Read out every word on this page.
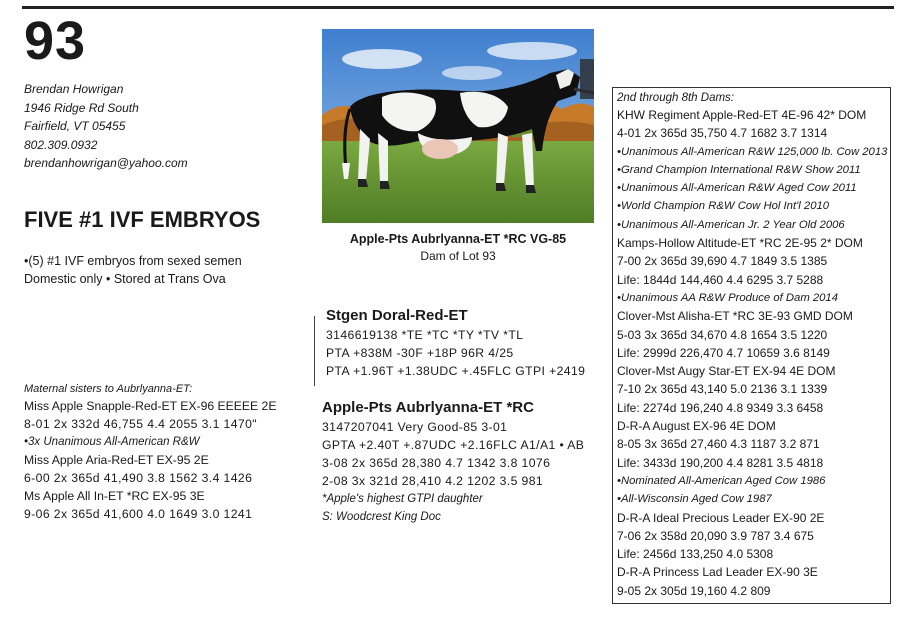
93
Brendan Howrigan
1946 Ridge Rd South
Fairfield, VT 05455
802.309.0932
brendanhowrigan@yahoo.com
FIVE #1 IVF EMBRYOS
•(5) #1 IVF embryos from sexed semen
Domestic only • Stored at Trans Ova
Apple-Pts Aubrlyanna-ET *RC VG-85
Dam of Lot 93
Stgen Doral-Red-ET
3146619138 *TE *TC *TY *TV *TL
PTA +838M -30F +18P 96R 4/25
PTA +1.96T +1.38UDC +.45FLC GTPI +2419
Apple-Pts Aubrlyanna-ET *RC
3147207041 Very Good-85 3-01
GPTA +2.40T +.87UDC +2.16FLC A1/A1 • AB
3-08 2x 365d 28,380 4.7 1342 3.8 1076
2-08 3x 321d 28,410 4.2 1202 3.5 981
*Apple's highest GTPI daughter
S: Woodcrest King Doc
Maternal sisters to Aubrlyanna-ET:
Miss Apple Snapple-Red-ET EX-96 EEEEE 2E
8-01 2x 332d 46,755 4.4 2055 3.1 1470"
•3x Unanimous All-American R&W
Miss Apple Aria-Red-ET EX-95 2E
6-00 2x 365d 41,490 3.8 1562 3.4 1426
Ms Apple All In-ET *RC EX-95 3E
9-06 2x 365d 41,600 4.0 1649 3.0 1241
2nd through 8th Dams:
KHW Regiment Apple-Red-ET 4E-96 42* DOM
4-01 2x 365d 35,750 4.7 1682 3.7 1314
•Unanimous All-American R&W 125,000 lb. Cow 2013
•Grand Champion International R&W Show 2011
•Unanimous All-American R&W Aged Cow 2011
•World Champion R&W Cow Hol Int'l 2010
•Unanimous All-American Jr. 2 Year Old 2006
Kamps-Hollow Altitude-ET *RC 2E-95 2* DOM
7-00 2x 365d 39,690 4.7 1849 3.5 1385
Life: 1844d 144,460 4.4 6295 3.7 5288
•Unanimous AA R&W Produce of Dam 2014
Clover-Mst Alisha-ET *RC 3E-93 GMD DOM
5-03 3x 365d 34,670 4.8 1654 3.5 1220
Life: 2999d 226,470 4.7 10659 3.6 8149
Clover-Mst Augy Star-ET EX-94 4E DOM
7-10 2x 365d 43,140 5.0 2136 3.1 1339
Life: 2274d 196,240 4.8 9349 3.3 6458
D-R-A August EX-96 4E DOM
8-05 3x 365d 27,460 4.3 1187 3.2 871
Life: 3433d 190,200 4.4 8281 3.5 4818
•Nominated All-American Aged Cow 1986
•All-Wisconsin Aged Cow 1987
D-R-A Ideal Precious Leader EX-90 2E
7-06 2x 358d 20,090 3.9 787 3.4 675
Life: 2456d 133,250 4.0 5308
D-R-A Princess Lad Leader EX-90 3E
9-05 2x 305d 19,160 4.2 809
